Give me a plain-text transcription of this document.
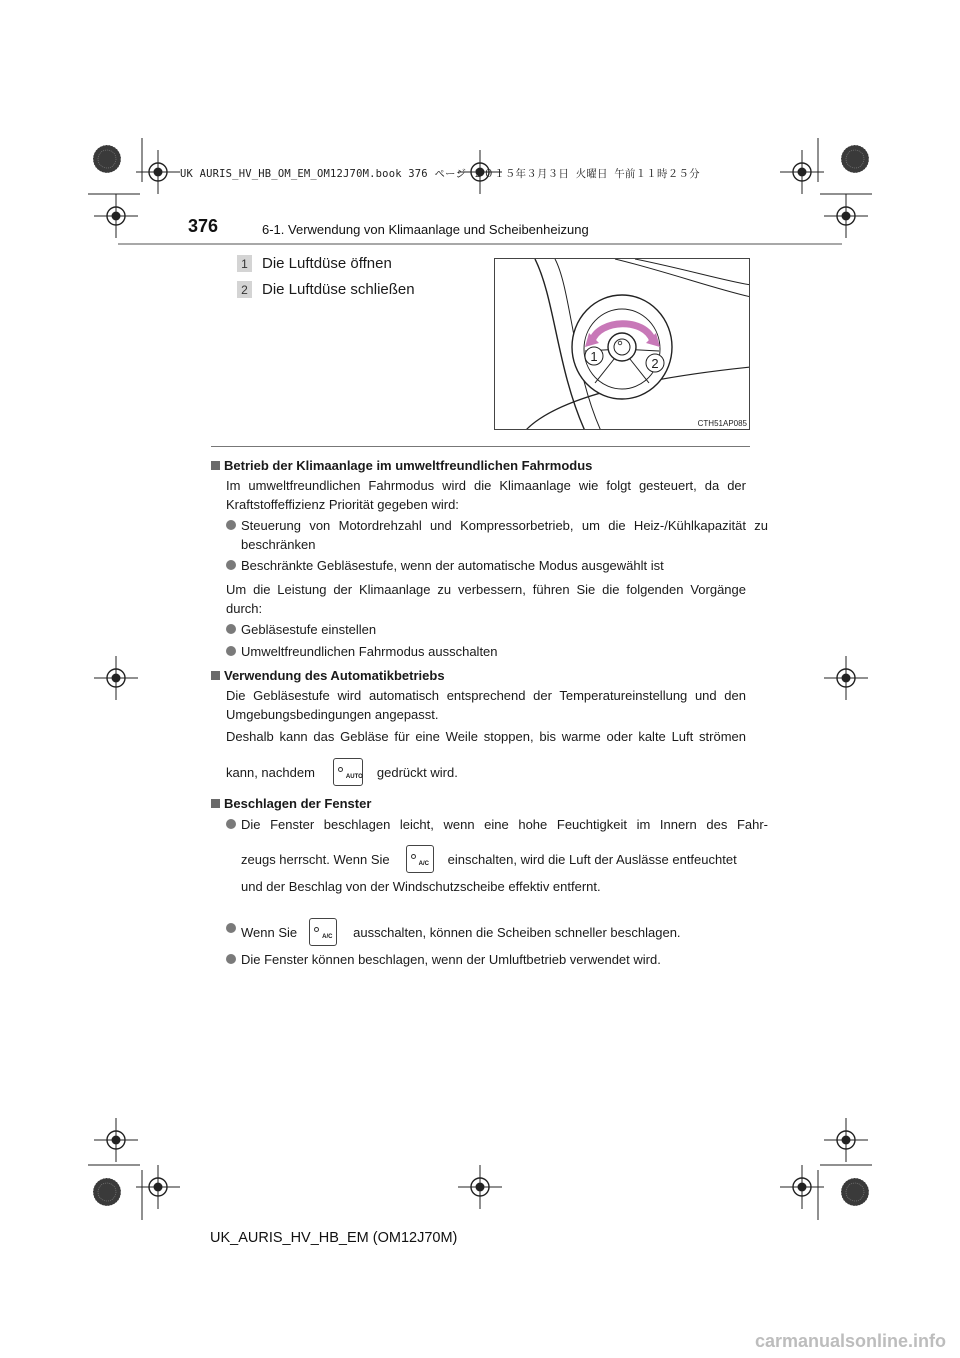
UK AURIS_HV_HB_OM_EM_OM12J70M.book 376 ページ ２０１５年３月３日 火曜日 午前１１時２５分
376	6-1. Verwendung von Klimaanlage und Scheibenheizung
1 Die Luftdüse öffnen
2 Die Luftdüse schließen
1	2
CTH51AP085
Betrieb der Klimaanlage im umweltfreundlichen Fahrmodus
Im umweltfreundlichen Fahrmodus wird die Klimaanlage wie folgt gesteuert, da der
Kraftstoffeffizienz Priorität gegeben wird:
Steuerung von Motordrehzahl und Kompressorbetrieb, um die Heiz-/Kühlkapazität zu
beschränken
Beschränkte Gebläsestufe, wenn der automatische Modus ausgewählt ist
Um die Leistung der Klimaanlage zu verbessern, führen Sie die folgenden Vorgänge
durch:
Gebläsestufe einstellen
Umweltfreundlichen Fahrmodus ausschalten
Verwendung des Automatikbetriebs
Die Gebläsestufe wird automatisch entsprechend der Temperatureinstellung und den
Umgebungsbedingungen angepasst.
Deshalb kann das Gebläse für eine Weile stoppen, bis warme oder kalte Luft strömen
kann, nachdem	AUTO gedrückt wird.
Beschlagen der Fenster
Die Fenster beschlagen leicht, wenn eine hohe Feuchtigkeit im Innern des Fahr-
zeugs herrscht. Wenn Sie	A/C einschalten, wird die Luft der Auslässe entfeuchtet
und der Beschlag von der Windschutzscheibe effektiv entfernt.
Wenn Sie	A/C ausschalten, können die Scheiben schneller beschlagen.
Die Fenster können beschlagen, wenn der Umluftbetrieb verwendet wird.
UK_AURIS_HV_HB_EM (OM12J70M)
carmanualsonline.info
